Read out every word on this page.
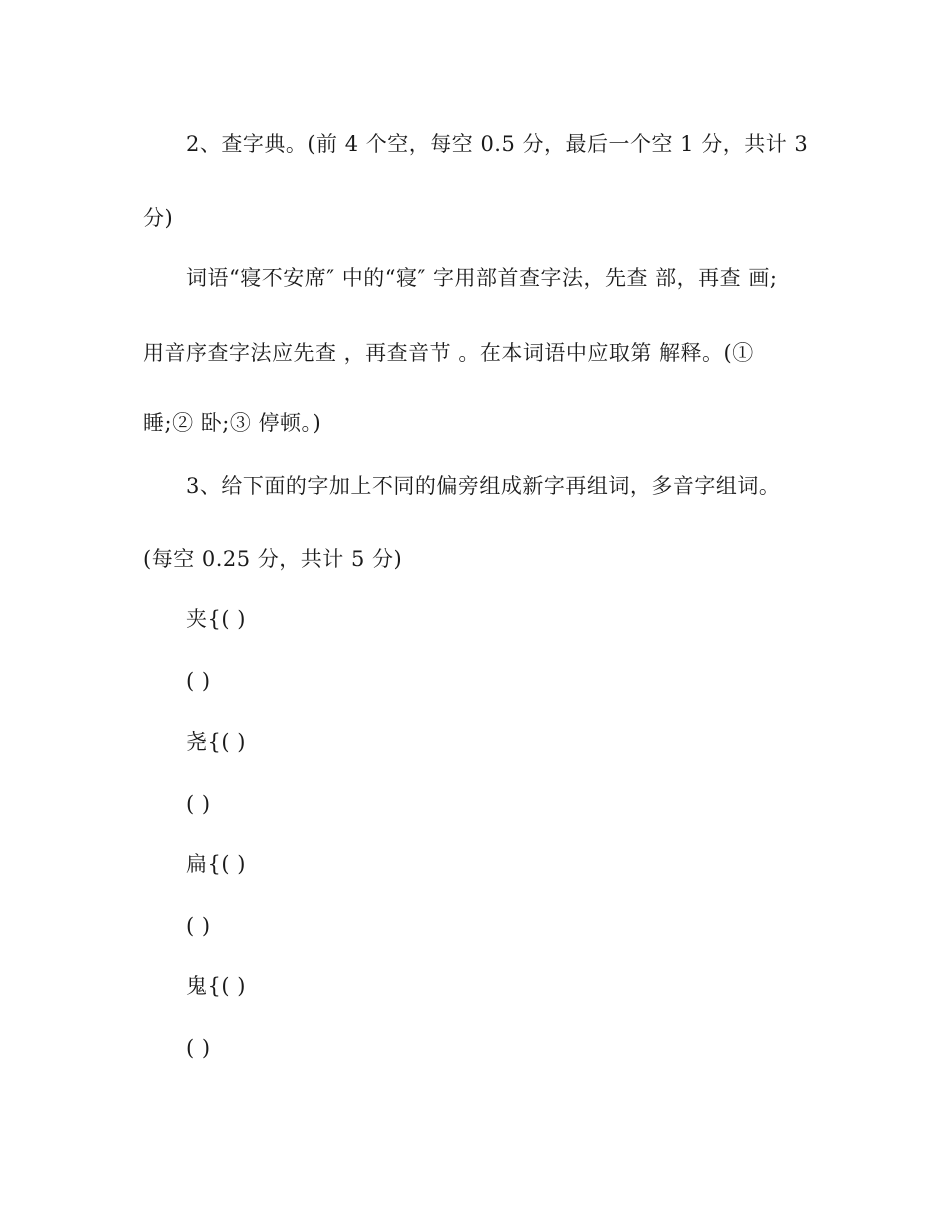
2、查字典。(前 4 个空，每空 0.5 分，最后一个空 1 分，共计 3
分)
词语“寝不安席″ 中的“寝″ 字用部首查字法，先查 部，再查 画;
用音序查字法应先查 ，再查音节 。在本词语中应取第 解释。(①
睡;② 卧;③ 停顿。)
3、给下面的字加上不同的偏旁组成新字再组词，多音字组词。
(每空 0.25 分，共计 5 分)
夹{( )
( )
尧{( )
( )
扁{( )
( )
鬼{( )
( )
